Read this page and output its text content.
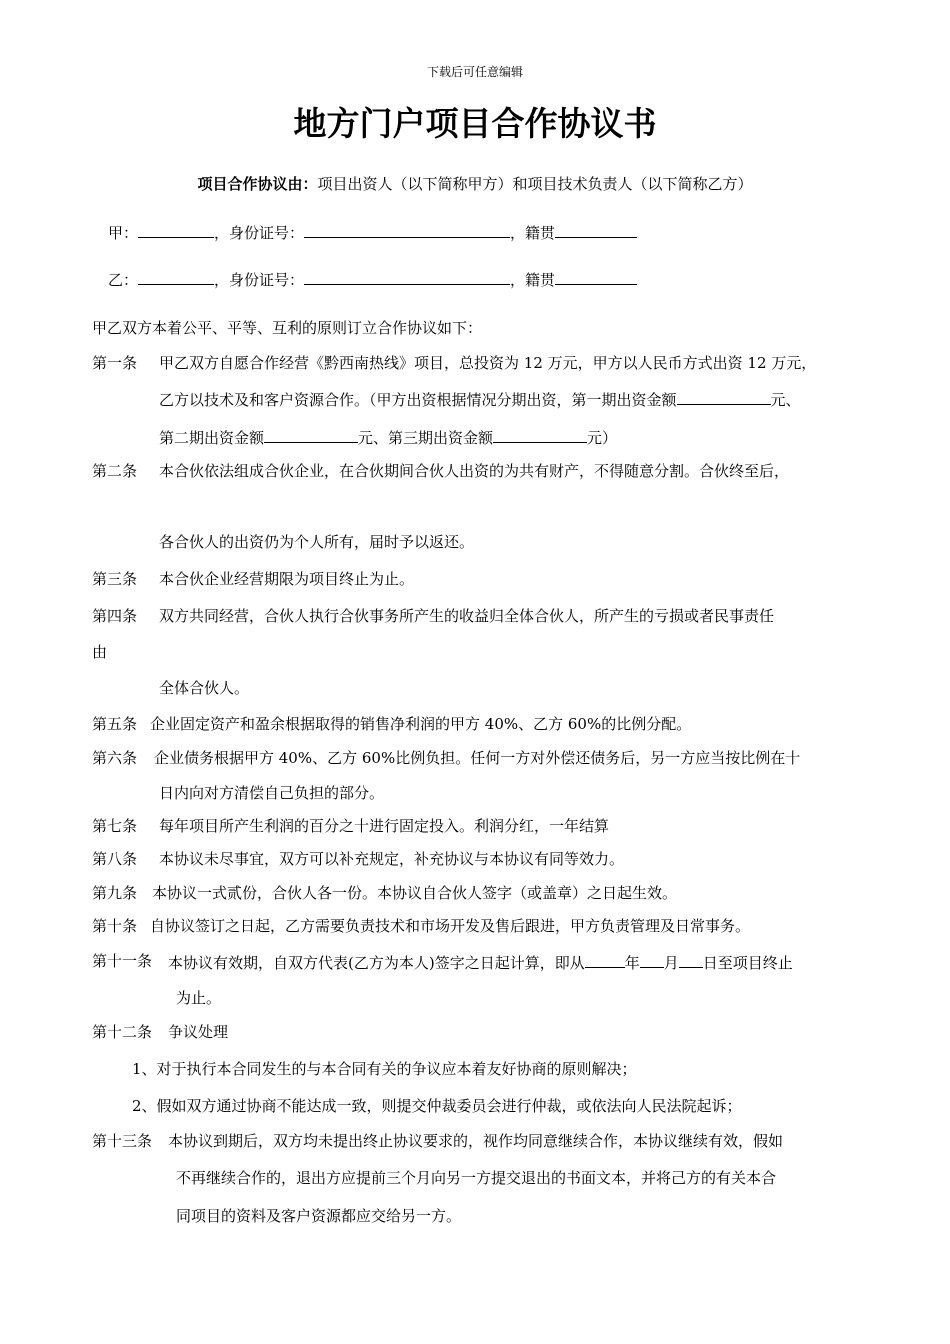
下载后可任意编辑
地方门户项目合作协议书
项目合作协议由：项目出资人（以下简称甲方）和项目技术负责人（以下简称乙方）
甲：	，身份证号：	，籍贯
乙：	，身份证号：	，籍贯
甲乙双方本着公平、平等、互利的原则订立合作协议如下：
第一条 甲乙双方自愿合作经营《黔西南热线》项目，总投资为 12 万元，甲方以人民币方式出资 12 万元，
乙方以技术及和客户资源合作。（甲方出资根据情况分期出资，第一期出资金额	元、
第二期出资金额	元、第三期出资金额	元）
第二条 本合伙依法组成合伙企业，在合伙期间合伙人出资的为共有财产，不得随意分割。合伙终至后，
各合伙人的出资仍为个人所有，届时予以返还。
第三条 本合伙企业经营期限为项目终止为止。
第四条 双方共同经营，合伙人执行合伙事务所产生的收益归全体合伙人，所产生的亏损或者民事责任
由
全体合伙人。
第五条 企业固定资产和盈余根据取得的销售净利润的甲方 40%、乙方 60%的比例分配。
第六条 企业债务根据甲方 40%、乙方 60%比例负担。任何一方对外偿还债务后，另一方应当按比例在十
日内向对方清偿自己负担的部分。
第七条 每年项目所产生利润的百分之十进行固定投入。利润分红，一年结算
第八条 本协议未尽事宜，双方可以补充规定，补充协议与本协议有同等效力。
第九条 本协议一式贰份，合伙人各一份。本协议自合伙人签字（或盖章）之日起生效。
第十条 自协议签订之日起，乙方需要负责技术和市场开发及售后跟进，甲方负责管理及日常事务。
第十一条 本协议有效期，自双方代表(乙方为本人)签字之日起计算，即从	年 月 日至项目终止
为止。
第十二条 争议处理
1、对于执行本合同发生的与本合同有关的争议应本着友好协商的原则解决；
2、假如双方通过协商不能达成一致，则提交仲裁委员会进行仲裁，或依法向人民法院起诉；
第十三条 本协议到期后，双方均未提出终止协议要求的，视作均同意继续合作，本协议继续有效，假如
不再继续合作的，退出方应提前三个月向另一方提交退出的书面文本，并将己方的有关本合
同项目的资料及客户资源都应交给另一方。
